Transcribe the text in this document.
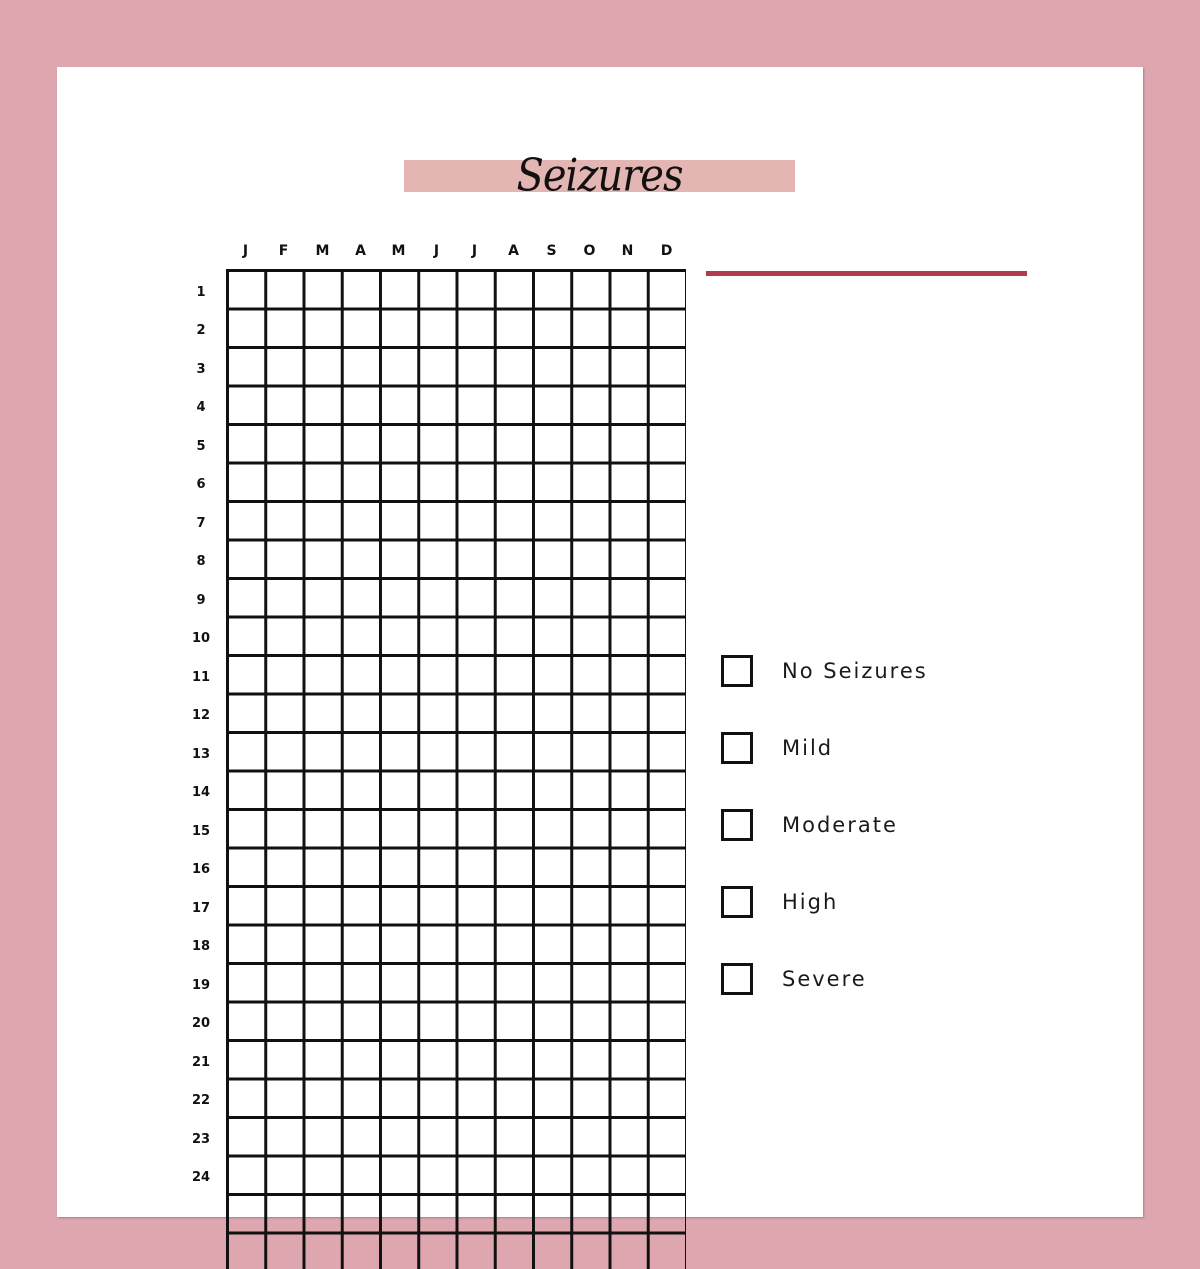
Seizures
J	F	M	A	M	J	J	A	S	O	N	D
1
2
3
4
5
6
7
8
9
10
11
12
13
14
15
16
17
18
19
20
21
22
23
24
No Seizures
Mild
Moderate
High
Severe
